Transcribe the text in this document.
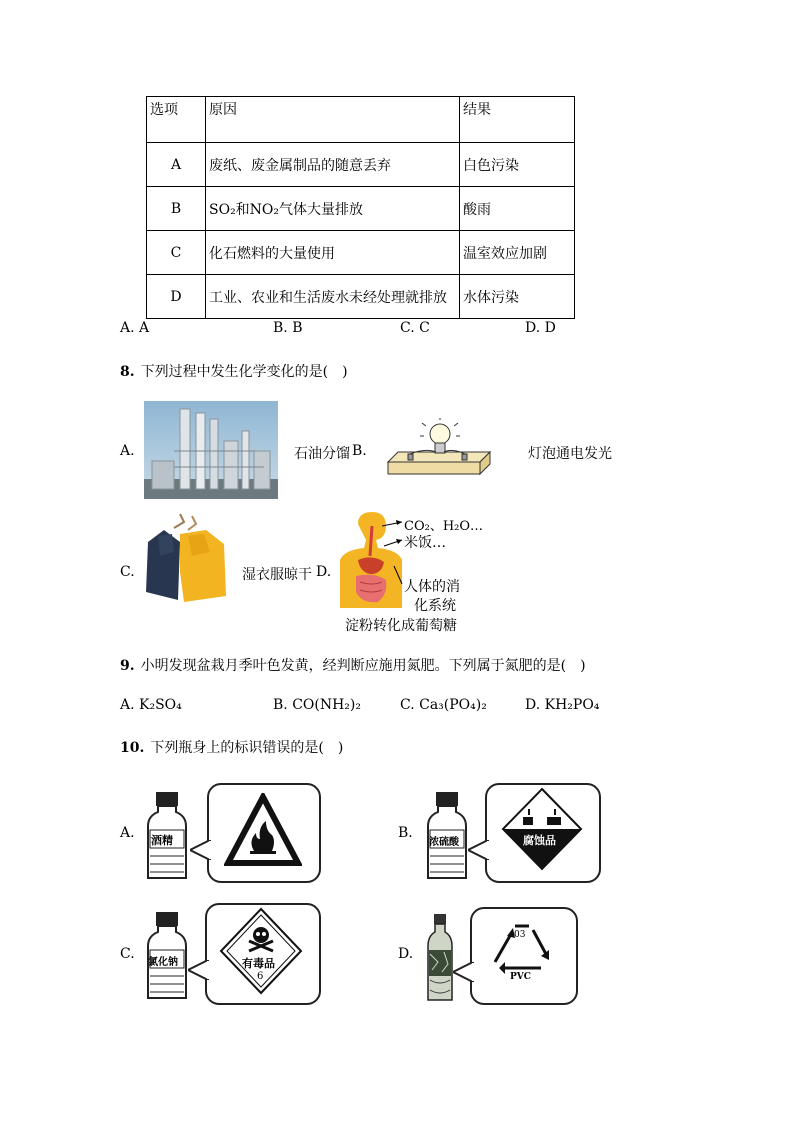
选项	原因	结果
A	废纸、废金属制品的随意丢弃	白色污染
B	SO₂和NO₂气体大量排放	酸雨
C	化石燃料的大量使用	温室效应加剧
D	工业、农业和生活废水未经处理就排放	水体污染
A. A	B. B	C. C	D. D
8. 下列过程中发生化学变化的是(　)
A.	石油分馏 B.	灯泡通电发光
C.	湿衣服晾干 D.
CO₂、H₂O…
米饭…
人体的消
化系统
淀粉转化成葡萄糖
9. 小明发现盆栽月季叶色发黄，经判断应施用氮肥。下列属于氮肥的是(　)
A. K₂SO₄	B. CO(NH₂)₂	C. Ca₃(PO₄)₂	D. KH₂PO₄
10. 下列瓶身上的标识错误的是(　)
A. 酒精	B.
浓硫酸	腐蚀品
C.
氯化钠	有毒品
6
D.
03
PVC
